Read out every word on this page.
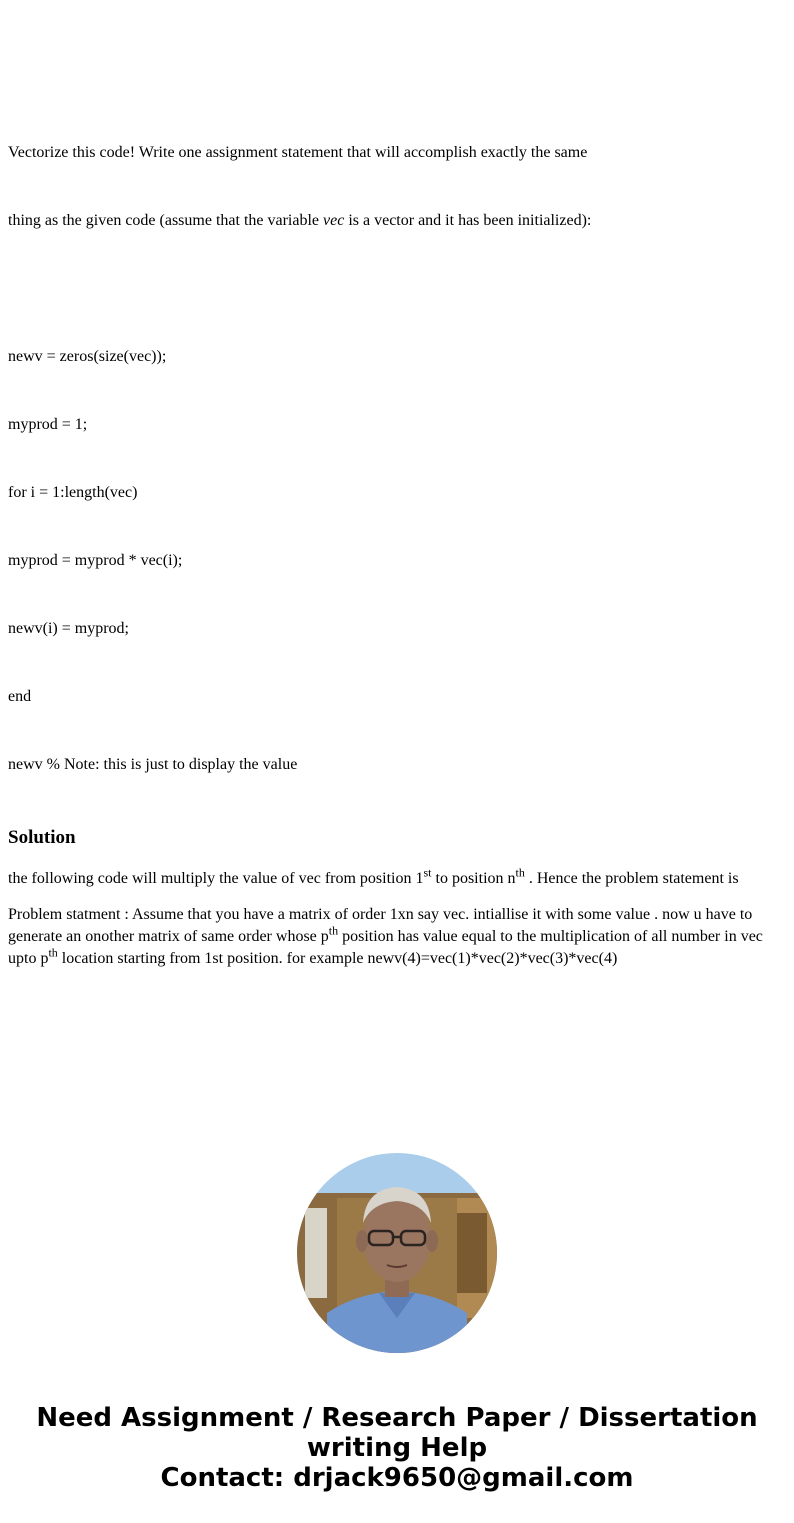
Vectorize this code! Write one assignment statement that will accomplish exactly the same

thing as the given code (assume that the variable vec is a vector and it has been initialized):

newv = zeros(size(vec));

myprod = 1;

for i = 1:length(vec)

myprod = myprod * vec(i);

newv(i) = myprod;

end

newv % Note: this is just to display the value

Solution

the following code will multiply the value of vec from position 1st to position $n^{th}$ . Hence the problem statement is

Problem statment : Assume that you have a matrix of order 1xn say vec. intiallise it with some value . now u have to generate an onother matrix of same order whose $p^{th}$ position has value equal to the multiplication of all number in vec upto $p^{th}$ location starting from 1st position. for example newv(4)=vec(1)*vec(2)*vec(3)*vec(4)

Need Assignment / Research Paper / Dissertation
writing Help
Contact: drjack9650@gmail.com
